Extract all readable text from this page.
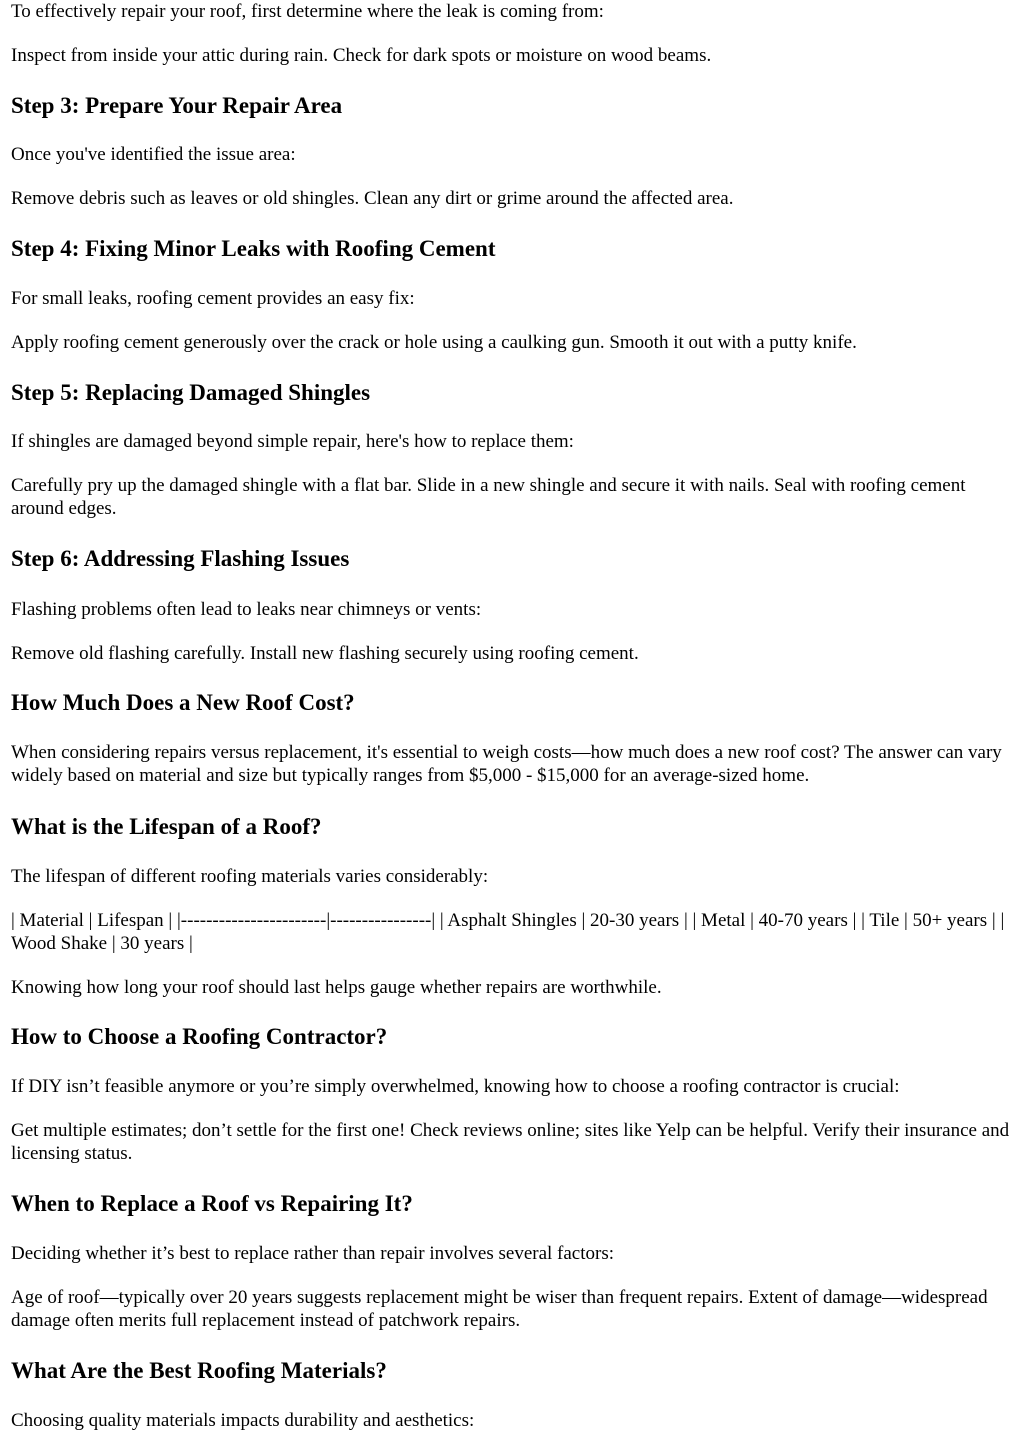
To effectively repair your roof, first determine where the leak is coming from:

Inspect from inside your attic during rain. Check for dark spots or moisture on wood beams.

Step 3: Prepare Your Repair Area

Once you've identified the issue area:

Remove debris such as leaves or old shingles. Clean any dirt or grime around the affected area.

Step 4: Fixing Minor Leaks with Roofing Cement

For small leaks, roofing cement provides an easy fix:

Apply roofing cement generously over the crack or hole using a caulking gun. Smooth it out with a putty knife.

Step 5: Replacing Damaged Shingles

If shingles are damaged beyond simple repair, here's how to replace them:

Carefully pry up the damaged shingle with a flat bar. Slide in a new shingle and secure it with nails. Seal with roofing cement around edges.

Step 6: Addressing Flashing Issues

Flashing problems often lead to leaks near chimneys or vents:

Remove old flashing carefully. Install new flashing securely using roofing cement.

How Much Does a New Roof Cost?

When considering repairs versus replacement, it's essential to weigh costs—how much does a new roof cost? The answer can vary widely based on material and size but typically ranges from $5,000 - $15,000 for an average-sized home.

What is the Lifespan of a Roof?

The lifespan of different roofing materials varies considerably:

| Material | Lifespan | |-----------------------|----------------| | Asphalt Shingles | 20-30 years | | Metal | 40-70 years | | Tile | 50+ years | | Wood Shake | 30 years |

Knowing how long your roof should last helps gauge whether repairs are worthwhile.

How to Choose a Roofing Contractor?

If DIY isn’t feasible anymore or you’re simply overwhelmed, knowing how to choose a roofing contractor is crucial:

Get multiple estimates; don’t settle for the first one! Check reviews online; sites like Yelp can be helpful. Verify their insurance and licensing status.

When to Replace a Roof vs Repairing It?

Deciding whether it’s best to replace rather than repair involves several factors:

Age of roof—typically over 20 years suggests replacement might be wiser than frequent repairs. Extent of damage—widespread damage often merits full replacement instead of patchwork repairs.

What Are the Best Roofing Materials?

Choosing quality materials impacts durability and aesthetics:
